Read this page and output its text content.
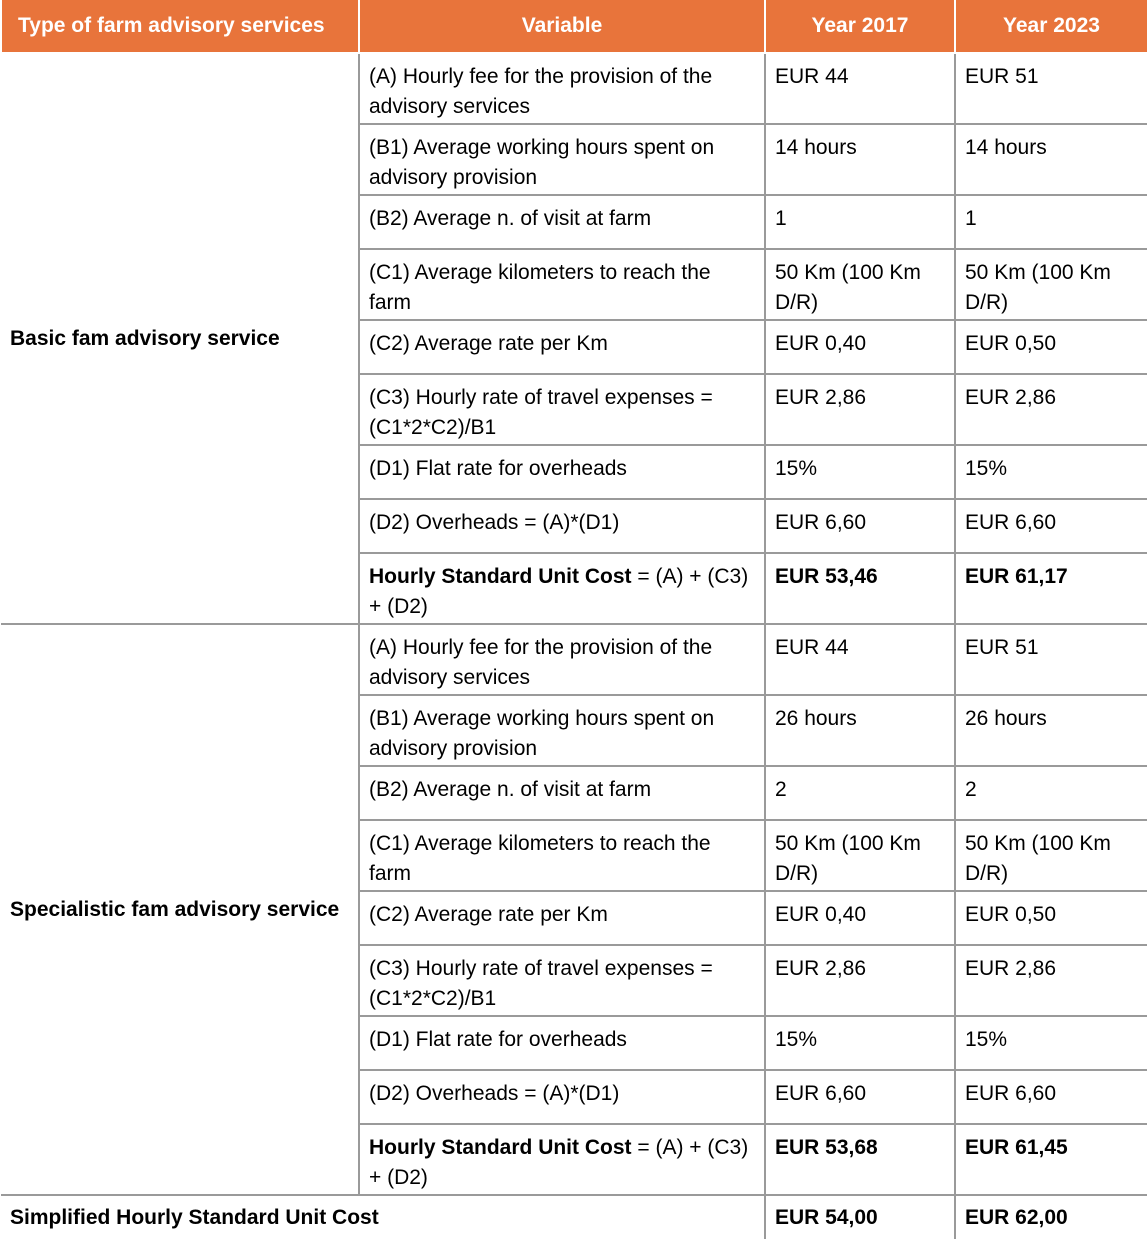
Type of farm advisory services	Variable	Year 2017	Year 2023
Basic fam advisory service	(A) Hourly fee for the provision of the advisory services	EUR 44	EUR 51
	(B1) Average working hours spent on advisory provision	14 hours	14 hours
	(B2) Average n. of visit at farm	1	1
	(C1) Average kilometers to reach the farm	50 Km (100 Km D/R)	50 Km (100 Km D/R)
	(C2) Average rate per Km	EUR 0,40	EUR 0,50
	(C3) Hourly rate of travel expenses = (C1*2*C2)/B1	EUR 2,86	EUR 2,86
	(D1) Flat rate for overheads	15%	15%
	(D2) Overheads = (A)*(D1)	EUR 6,60	EUR 6,60
	Hourly Standard Unit Cost = (A) + (C3) + (D2)	EUR 53,46	EUR 61,17
Specialistic fam advisory service	(A) Hourly fee for the provision of the advisory services	EUR 44	EUR 51
	(B1) Average working hours spent on advisory provision	26 hours	26 hours
	(B2) Average n. of visit at farm	2	2
	(C1) Average kilometers to reach the farm	50 Km (100 Km D/R)	50 Km (100 Km D/R)
	(C2) Average rate per Km	EUR 0,40	EUR 0,50
	(C3) Hourly rate of travel expenses = (C1*2*C2)/B1	EUR 2,86	EUR 2,86
	(D1) Flat rate for overheads	15%	15%
	(D2) Overheads = (A)*(D1)	EUR 6,60	EUR 6,60
	Hourly Standard Unit Cost = (A) + (C3) + (D2)	EUR 53,68	EUR 61,45
Simplified Hourly Standard Unit Cost		EUR 54,00	EUR 62,00
